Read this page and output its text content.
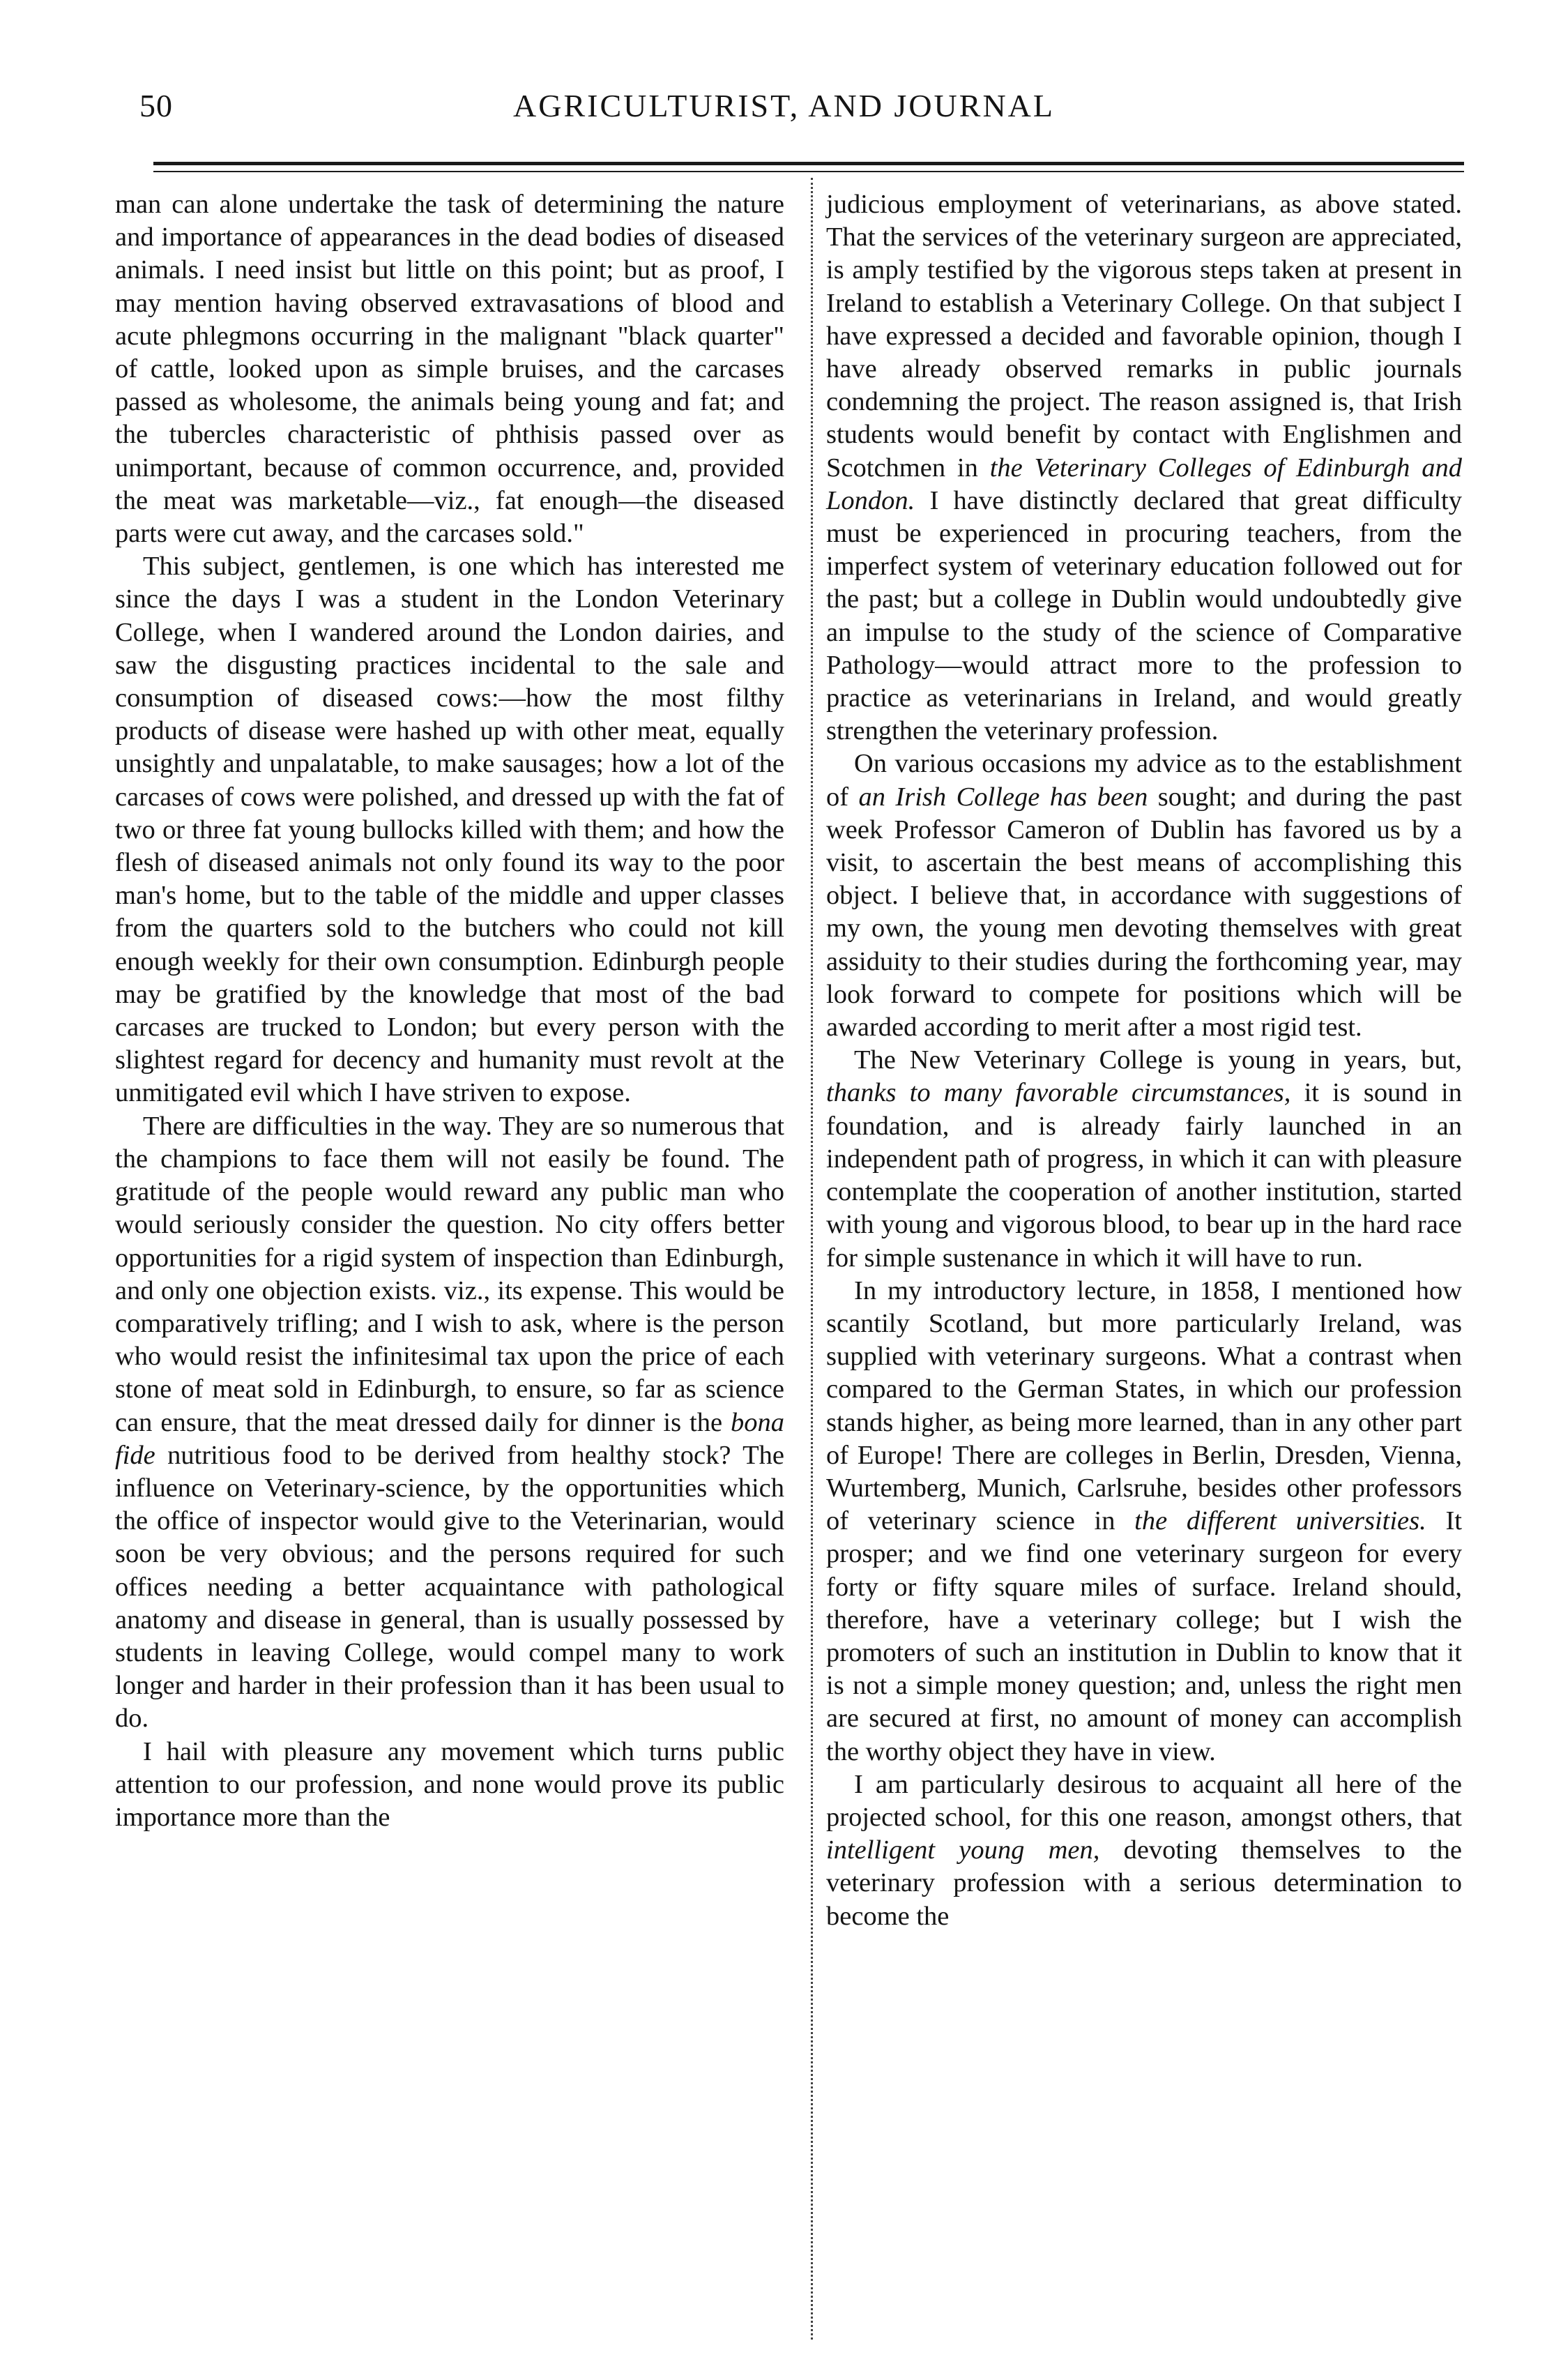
50	AGRICULTURIST, AND JOURNAL

man can alone undertake the task of determining the nature and importance of appearances in the dead bodies of diseased animals. I need insist but little on this point; but as proof, I may mention having observed extravasations of blood and acute phlegmons occurring in the malignant "black quarter" of cattle, looked upon as simple bruises, and the carcases passed as wholesome, the animals being young and fat; and the tubercles characteristic of phthisis passed over as unimportant, because of common occurrence, and, provided the meat was marketable—viz., fat enough—the diseased parts were cut away, and the carcases sold."

This subject, gentlemen, is one which has interested me since the days I was a student in the London Veterinary College, when I wandered around the London dairies, and saw the disgusting practices incidental to the sale and consumption of diseased cows:—how the most filthy products of disease were hashed up with other meat, equally unsightly and unpalatable, to make sausages; how a lot of the carcases of cows were polished, and dressed up with the fat of two or three fat young bullocks killed with them; and how the flesh of diseased animals not only found its way to the poor man's home, but to the table of the middle and upper classes from the quarters sold to the butchers who could not kill enough weekly for their own consumption. Edinburgh people may be gratified by the knowledge that most of the bad carcases are trucked to London; but every person with the slightest regard for decency and humanity must revolt at the unmitigated evil which I have striven to expose.

There are difficulties in the way. They are so numerous that the champions to face them will not easily be found. The gratitude of the people would reward any public man who would seriously consider the question. No city offers better opportunities for a rigid system of inspection than Edinburgh, and only one objection exists. viz., its expense. This would be comparatively trifling; and I wish to ask, where is the person who would resist the infinitesimal tax upon the price of each stone of meat sold in Edinburgh, to ensure, so far as science can ensure, that the meat dressed daily for dinner is the bona fide nutritious food to be derived from healthy stock? The influence on Veterinary-science, by the opportunities which the office of inspector would give to the Veterinarian, would soon be very obvious; and the persons required for such offices needing a better acquaintance with pathological anatomy and disease in general, than is usually possessed by students in leaving College, would compel many to work longer and harder in their profession than it has been usual to do.

I hail with pleasure any movement which turns public attention to our profession, and none would prove its public importance more than the

judicious employment of veterinarians, as above stated. That the services of the veterinary surgeon are appreciated, is amply testified by the vigorous steps taken at present in Ireland to establish a Veterinary College. On that subject I have expressed a decided and favorable opinion, though I have already observed remarks in public journals condemning the project. The reason assigned is, that Irish students would benefit by contact with Englishmen and Scotchmen in the Veterinary Colleges of Edinburgh and London. I have distinctly declared that great difficulty must be experienced in procuring teachers, from the imperfect system of veterinary education followed out for the past; but a college in Dublin would undoubtedly give an impulse to the study of the science of Comparative Pathology—would attract more to the profession to practice as veterinarians in Ireland, and would greatly strengthen the veterinary profession.

On various occasions my advice as to the establishment of an Irish College has been sought; and during the past week Professor Cameron of Dublin has favored us by a visit, to ascertain the best means of accomplishing this object. I believe that, in accordance with suggestions of my own, the young men devoting themselves with great assiduity to their studies during the forthcoming year, may look forward to compete for positions which will be awarded according to merit after a most rigid test.

The New Veterinary College is young in years, but, thanks to many favorable circumstances, it is sound in foundation, and is already fairly launched in an independent path of progress, in which it can with pleasure contemplate the cooperation of another institution, started with young and vigorous blood, to bear up in the hard race for simple sustenance in which it will have to run.

In my introductory lecture, in 1858, I mentioned how scantily Scotland, but more particularly Ireland, was supplied with veterinary surgeons. What a contrast when compared to the German States, in which our profession stands higher, as being more learned, than in any other part of Europe! There are colleges in Berlin, Dresden, Vienna, Wurtemberg, Munich, Carlsruhe, besides other professors of veterinary science in the different universities. It prosper; and we find one veterinary surgeon for every forty or fifty square miles of surface. Ireland should, therefore, have a veterinary college; but I wish the promoters of such an institution in Dublin to know that it is not a simple money question; and, unless the right men are secured at first, no amount of money can accomplish the worthy object they have in view.

I am particularly desirous to acquaint all here of the projected school, for this one reason, amongst others, that intelligent young men, devoting themselves to the veterinary profession with a serious determination to become the
